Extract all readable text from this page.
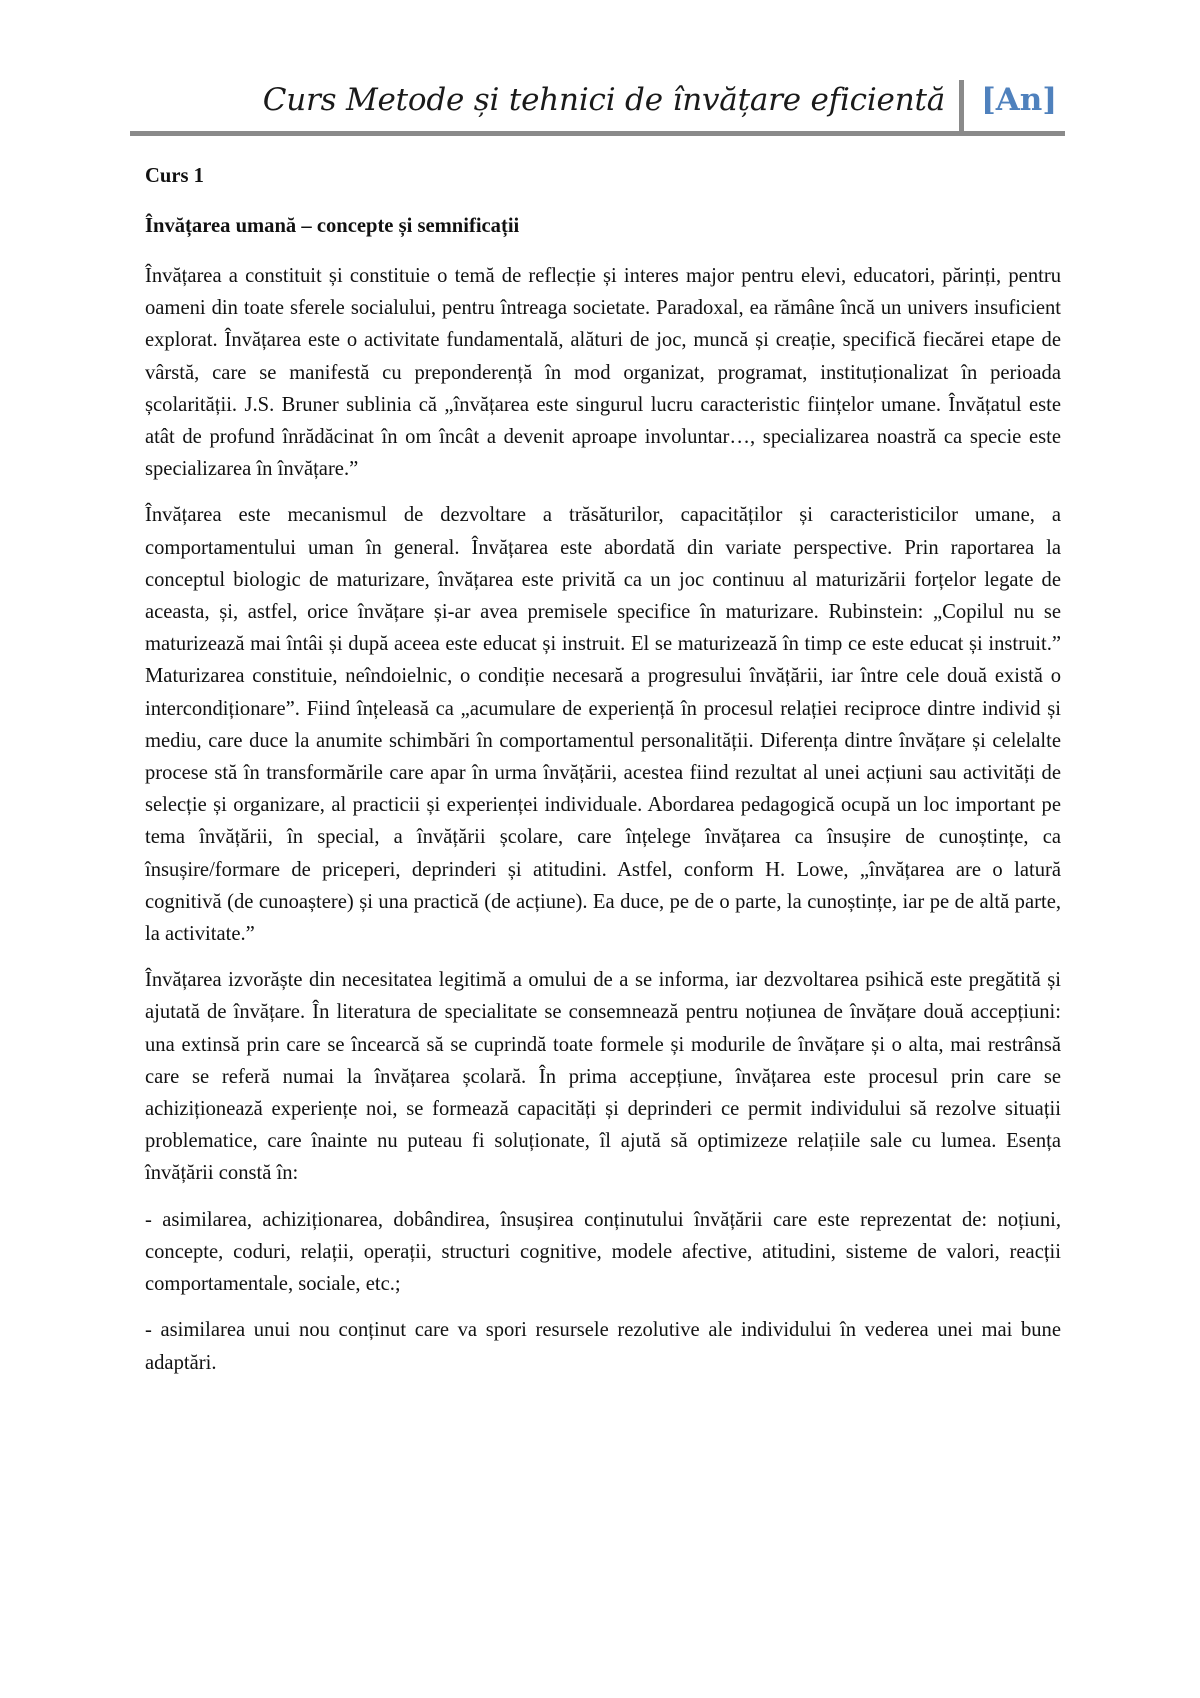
Curs Metode și tehnici de învățare eficientă [An]
Curs 1
Învățarea umană – concepte și semnificații

Învățarea a constituit și constituie o temă de reflecție și interes major pentru elevi, educatori, părinți, pentru oameni din toate sferele socialului, pentru întreaga societate. Paradoxal, ea rămâne încă un univers insuficient explorat. Învățarea este o activitate fundamentală, alături de joc, muncă și creație, specifică fiecărei etape de vârstă, care se manifestă cu preponderență în mod organizat, programat, instituționalizat în perioada școlarității. J.S. Bruner sublinia că „învățarea este singurul lucru caracteristic ființelor umane. Învățatul este atât de profund înrădăcinat în om încât a devenit aproape involuntar…, specializarea noastră ca specie este specializarea în învățare.”

Învățarea este mecanismul de dezvoltare a trăsăturilor, capacităților și caracteristicilor umane, a comportamentului uman în general. Învățarea este abordată din variate perspective. Prin raportarea la conceptul biologic de maturizare, învățarea este privită ca un joc continuu al maturizării forțelor legate de aceasta, și, astfel, orice învățare și-ar avea premisele specifice în maturizare. Rubinstein: „Copilul nu se maturizează mai întâi și după aceea este educat și instruit. El se maturizează în timp ce este educat și instruit.” Maturizarea constituie, neîndoielnic, o condiție necesară a progresului învățării, iar între cele două există o intercondiționare”. Fiind înțeleasă ca „acumulare de experiență în procesul relației reciproce dintre individ și mediu, care duce la anumite schimbări în comportamentul personalității. Diferența dintre învățare și celelalte procese stă în transformările care apar în urma învățării, acestea fiind rezultat al unei acțiuni sau activități de selecție și organizare, al practicii și experienței individuale. Abordarea pedagogică ocupă un loc important pe tema învățării, în special, a învățării școlare, care înțelege învățarea ca însușire de cunoștințe, ca însușire/formare de priceperi, deprinderi și atitudini. Astfel, conform H. Lowe, „învățarea are o latură cognitivă (de cunoaștere) și una practică (de acțiune). Ea duce, pe de o parte, la cunoștințe, iar pe de altă parte, la activitate.”

Învățarea izvorăște din necesitatea legitimă a omului de a se informa, iar dezvoltarea psihică este pregătită și ajutată de învățare. În literatura de specialitate se consemnează pentru noțiunea de învățare două accepțiuni: una extinsă prin care se încearcă să se cuprindă toate formele și modurile de învățare și o alta, mai restrânsă care se referă numai la învățarea școlară. În prima accepțiune, învățarea este procesul prin care se achiziționează experiențe noi, se formează capacități și deprinderi ce permit individului să rezolve situații problematice, care înainte nu puteau fi soluționate, îl ajută să optimizeze relațiile sale cu lumea. Esența învățării constă în:

- asimilarea, achiziționarea, dobândirea, însușirea conținutului învățării care este reprezentat de: noțiuni, concepte, coduri, relații, operații, structuri cognitive, modele afective, atitudini, sisteme de valori, reacții comportamentale, sociale, etc.;

- asimilarea unui nou conținut care va spori resursele rezolutive ale individului în vederea unei mai bune adaptări.
